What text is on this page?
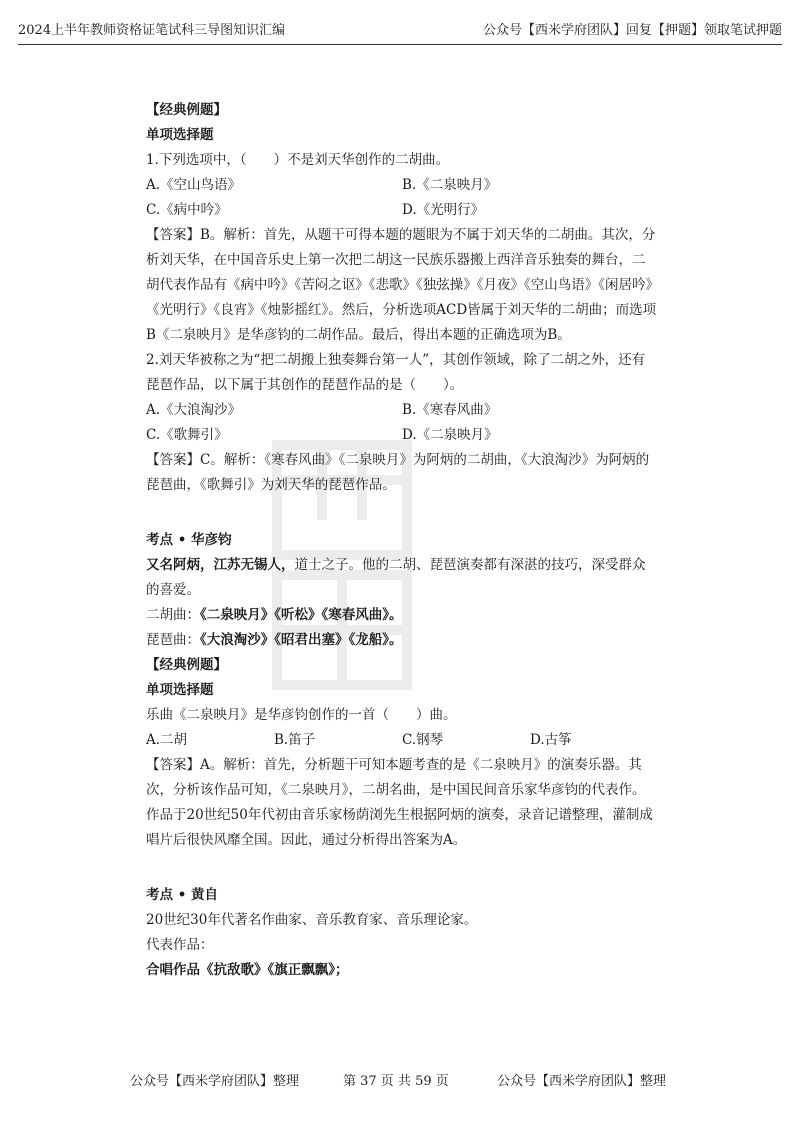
2024上半年教师资格证笔试科三导图知识汇编	公众号【西米学府团队】回复【押题】领取笔试押题

【经典例题】

单项选择题

1.下列选项中，（　　）不是刘天华创作的二胡曲。

A.《空山鸟语》	B.《二泉映月》
C.《病中吟》	D.《光明行》

【答案】B。解析：首先，从题干可得本题的题眼为不属于刘天华的二胡曲。其次，分析刘天华，在中国音乐史上第一次把二胡这一民族乐器搬上西洋音乐独奏的舞台，二胡代表作品有《病中吟》《苦闷之讴》《悲歌》《独弦操》《月夜》《空山鸟语》《闲居吟》《光明行》《良宵》《烛影摇红》。然后，分析选项ACD皆属于刘天华的二胡曲；而选项B《二泉映月》是华彦钧的二胡作品。最后，得出本题的正确选项为B。

2.刘天华被称之为“把二胡搬上独奏舞台第一人”，其创作领域，除了二胡之外，还有琵琶作品，以下属于其创作的琵琶作品的是（　　）。

A.《大浪淘沙》	B.《寒春风曲》
C.《歌舞引》	D.《二泉映月》

【答案】C。解析：《寒春风曲》《二泉映月》为阿炳的二胡曲，《大浪淘沙》为阿炳的琵琶曲，《歌舞引》为刘天华的琵琶作品。

考点 • 华彦钧

又名阿炳，江苏无锡人，道士之子。他的二胡、琵琶演奏都有深湛的技巧，深受群众的喜爱。

二胡曲：《二泉映月》《听松》《寒春风曲》。

琵琶曲：《大浪淘沙》《昭君出塞》《龙船》。

【经典例题】

单项选择题

乐曲《二泉映月》是华彦钧创作的一首（　　）曲。

A.二胡	B.笛子	C.钢琴	D.古筝

【答案】A。解析：首先，分析题干可知本题考查的是《二泉映月》的演奏乐器。其次，分析该作品可知，《二泉映月》，二胡名曲，是中国民间音乐家华彦钧的代表作。作品于20世纪50年代初由音乐家杨荫浏先生根据阿炳的演奏，录音记谱整理，灌制成唱片后很快风靡全国。因此，通过分析得出答案为A。

考点 • 黄自

20世纪30年代著名作曲家、音乐教育家、音乐理论家。

代表作品：

合唱作品《抗敌歌》《旗正飘飘》；

公众号【西米学府团队】整理	第 37 页 共 59 页	公众号【西米学府团队】整理
